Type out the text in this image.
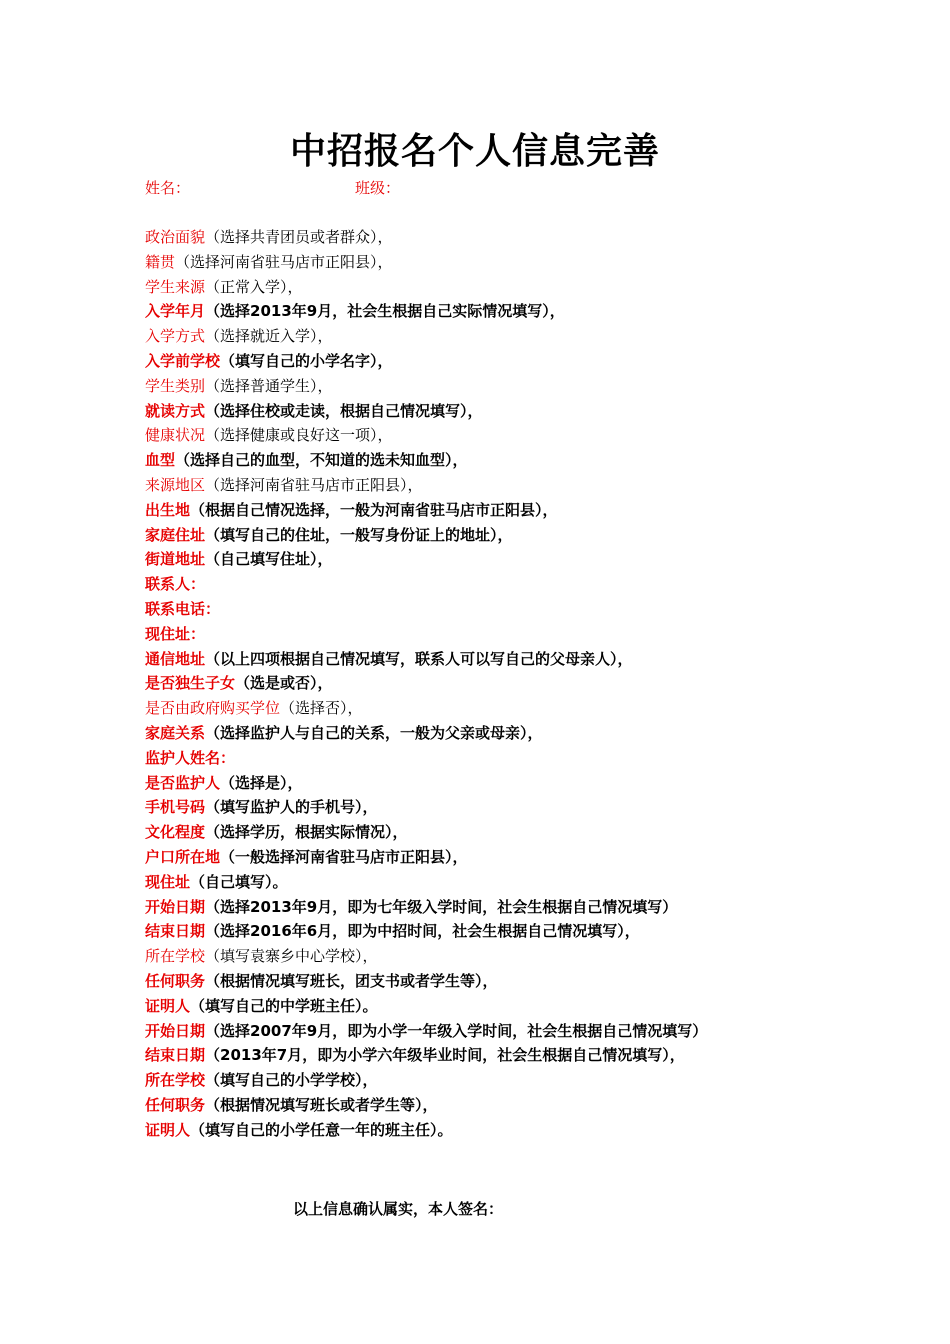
中招报名个人信息完善
姓名：	班级：
政治面貌（选择共青团员或者群众），
籍贯（选择河南省驻马店市正阳县），
学生来源（正常入学），
入学年月（选择2013年9月，社会生根据自己实际情况填写），
入学方式（选择就近入学），
入学前学校（填写自己的小学名字），
学生类别（选择普通学生），
就读方式（选择住校或走读，根据自己情况填写），
健康状况（选择健康或良好这一项），
血型（选择自己的血型，不知道的选未知血型），
来源地区（选择河南省驻马店市正阳县），
出生地（根据自己情况选择，一般为河南省驻马店市正阳县），
家庭住址（填写自己的住址，一般写身份证上的地址），
街道地址（自己填写住址），
联系人：
联系电话：
现住址：
通信地址（以上四项根据自己情况填写，联系人可以写自己的父母亲人），
是否独生子女（选是或否），
是否由政府购买学位（选择否），
家庭关系（选择监护人与自己的关系，一般为父亲或母亲），
监护人姓名：
是否监护人（选择是），
手机号码（填写监护人的手机号），
文化程度（选择学历，根据实际情况），
户口所在地（一般选择河南省驻马店市正阳县），
现住址（自己填写）。
开始日期（选择2013年9月，即为七年级入学时间，社会生根据自己情况填写）
结束日期（选择2016年6月，即为中招时间，社会生根据自己情况填写），
所在学校（填写袁寨乡中心学校），
任何职务（根据情况填写班长，团支书或者学生等），
证明人（填写自己的中学班主任）。
开始日期（选择2007年9月，即为小学一年级入学时间，社会生根据自己情况填写）
结束日期（2013年7月，即为小学六年级毕业时间，社会生根据自己情况填写），
所在学校（填写自己的小学学校），
任何职务（根据情况填写班长或者学生等），
证明人（填写自己的小学任意一年的班主任）。
以上信息确认属实，本人签名：
